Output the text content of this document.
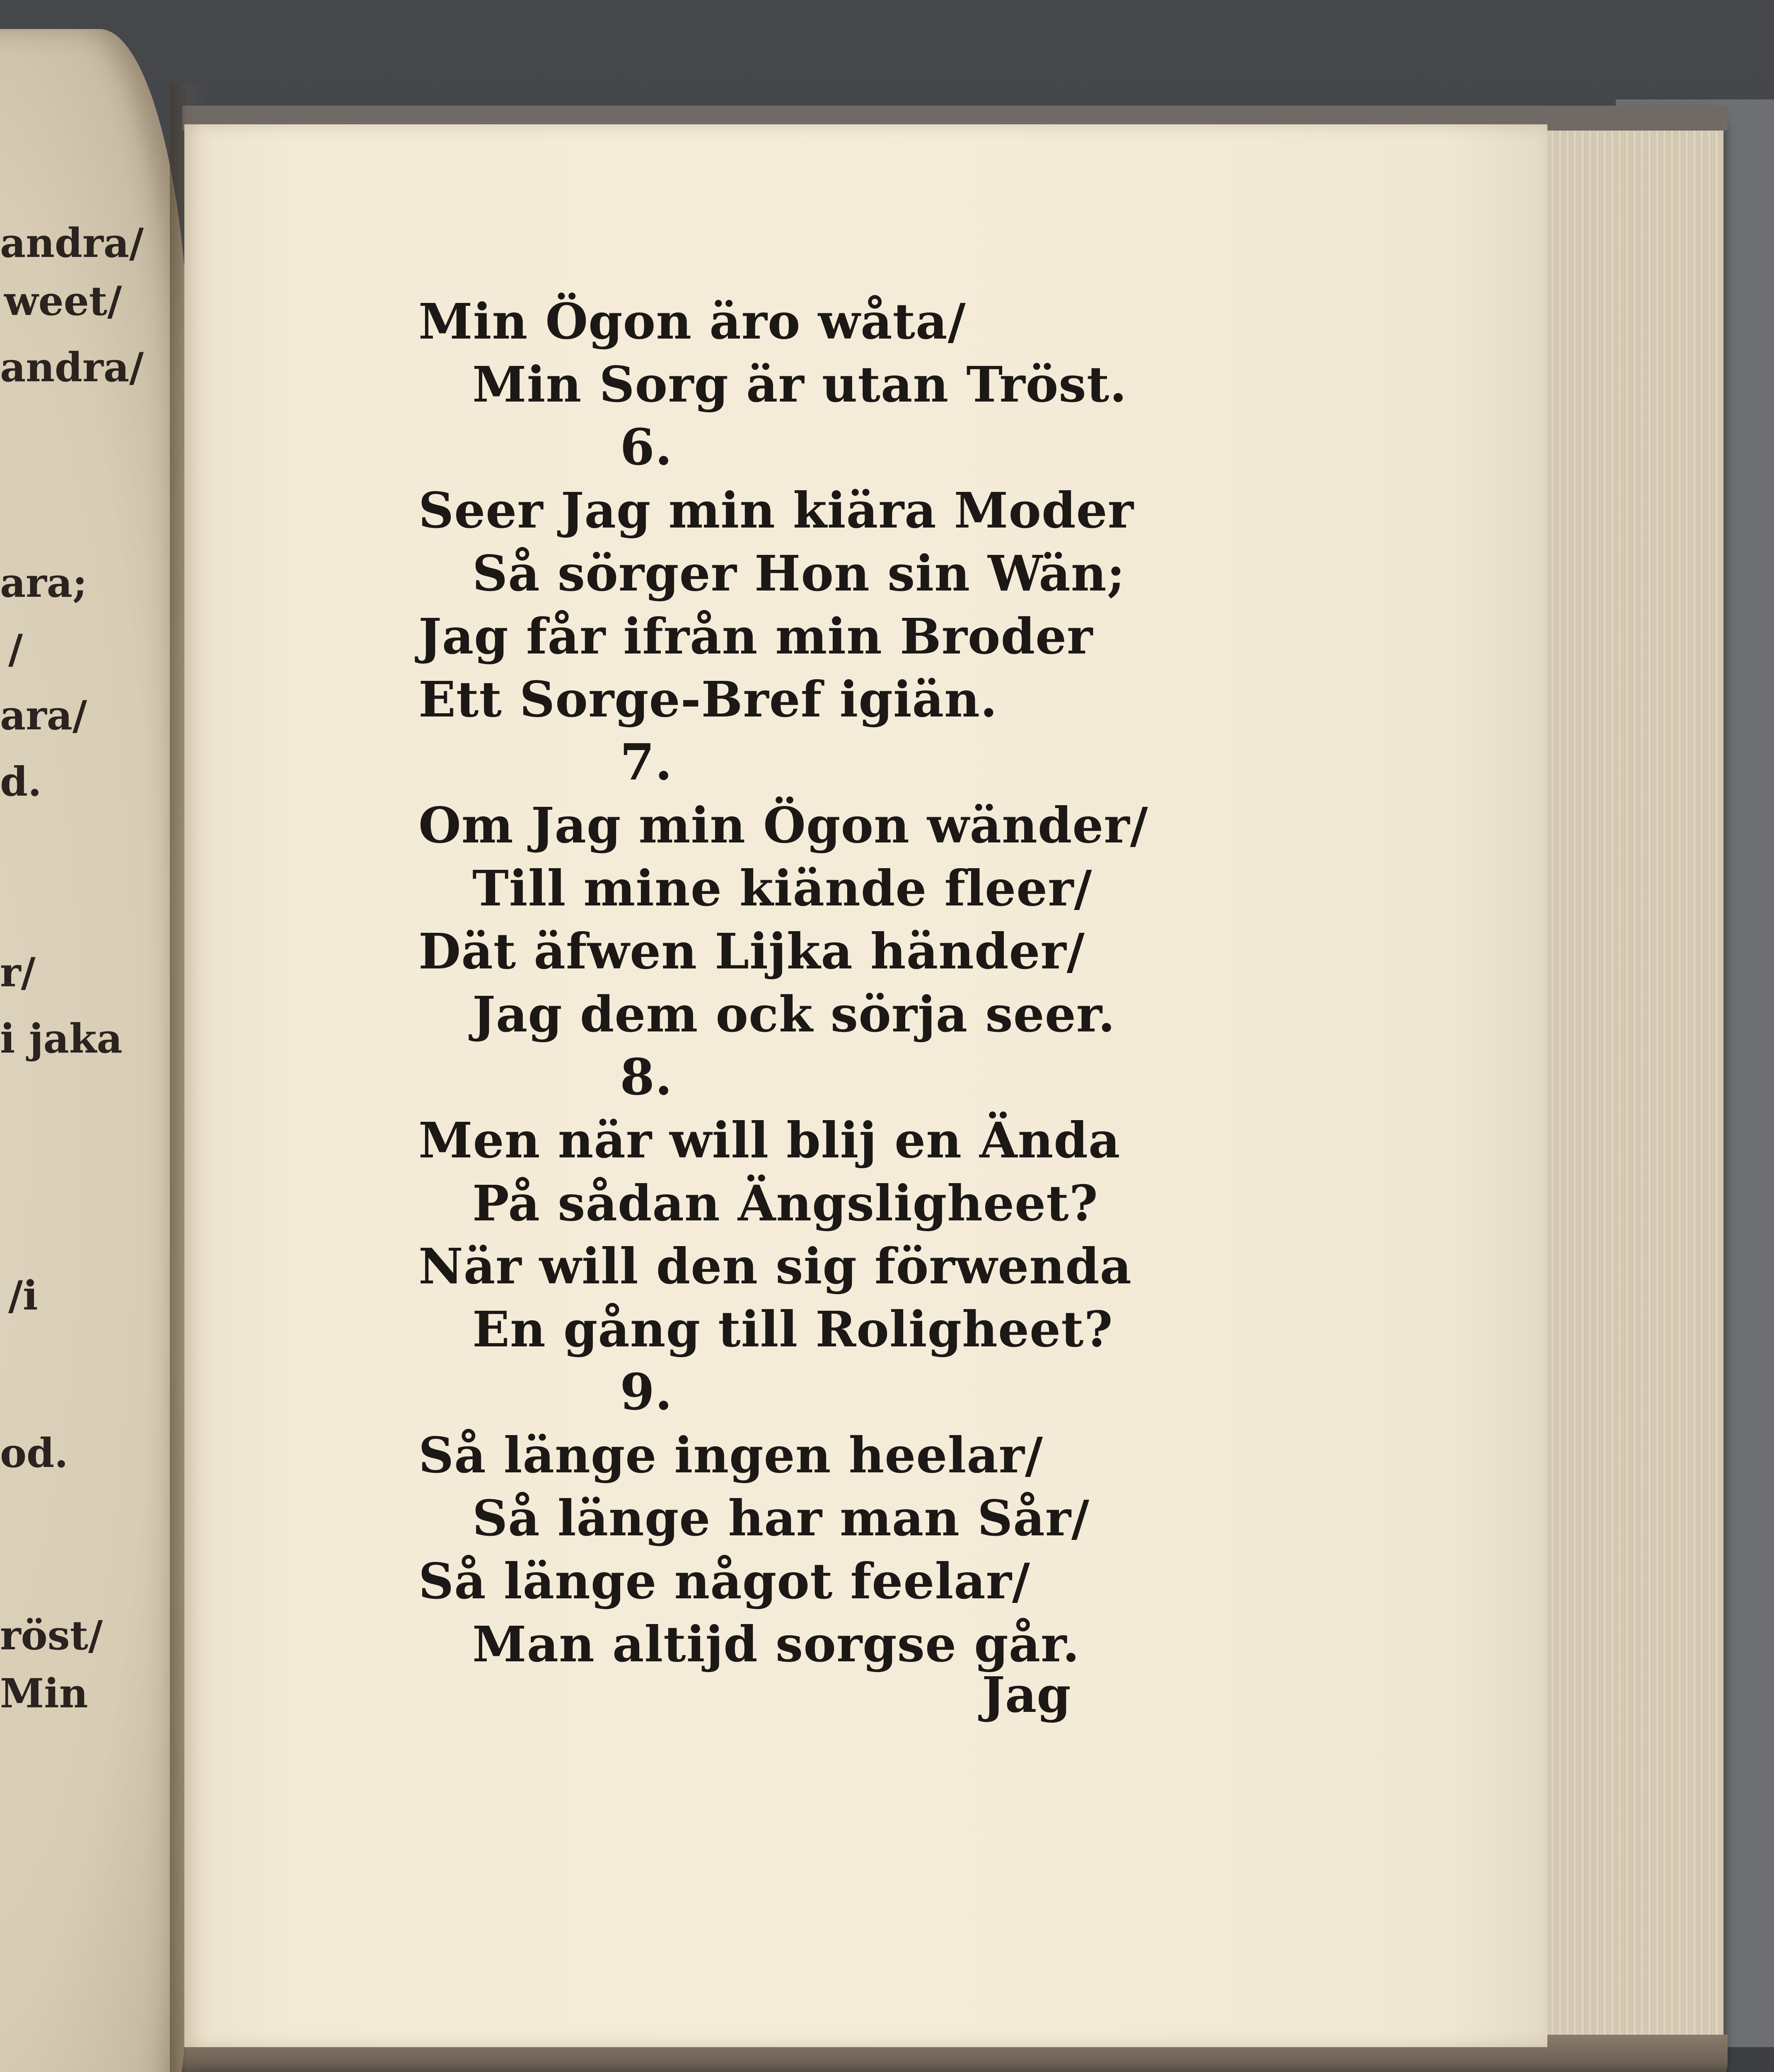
andra/
weet/
andra/
ara;
/
ara/
d.
r/
i jaka
/i
od.
röst/
Min
Min Ögon äro wåta/
Min Sorg är utan Tröst.
6.
Seer Jag min kiära Moder
Så sörger Hon sin Wän;
Jag får ifrån min Broder
Ett Sorge-Bref igiän.
7.
Om Jag min Ögon wänder/
Till mine kiände fleer/
Dät äfwen Lijka händer/
Jag dem ock sörja seer.
8.
Men när will blij en Ända
På sådan Ängsligheet?
När will den sig förwenda
En gång till Roligheet?
9.
Så länge ingen heelar/
Så länge har man Sår/
Så länge något feelar/
Man altijd sorgse går.
Jag
